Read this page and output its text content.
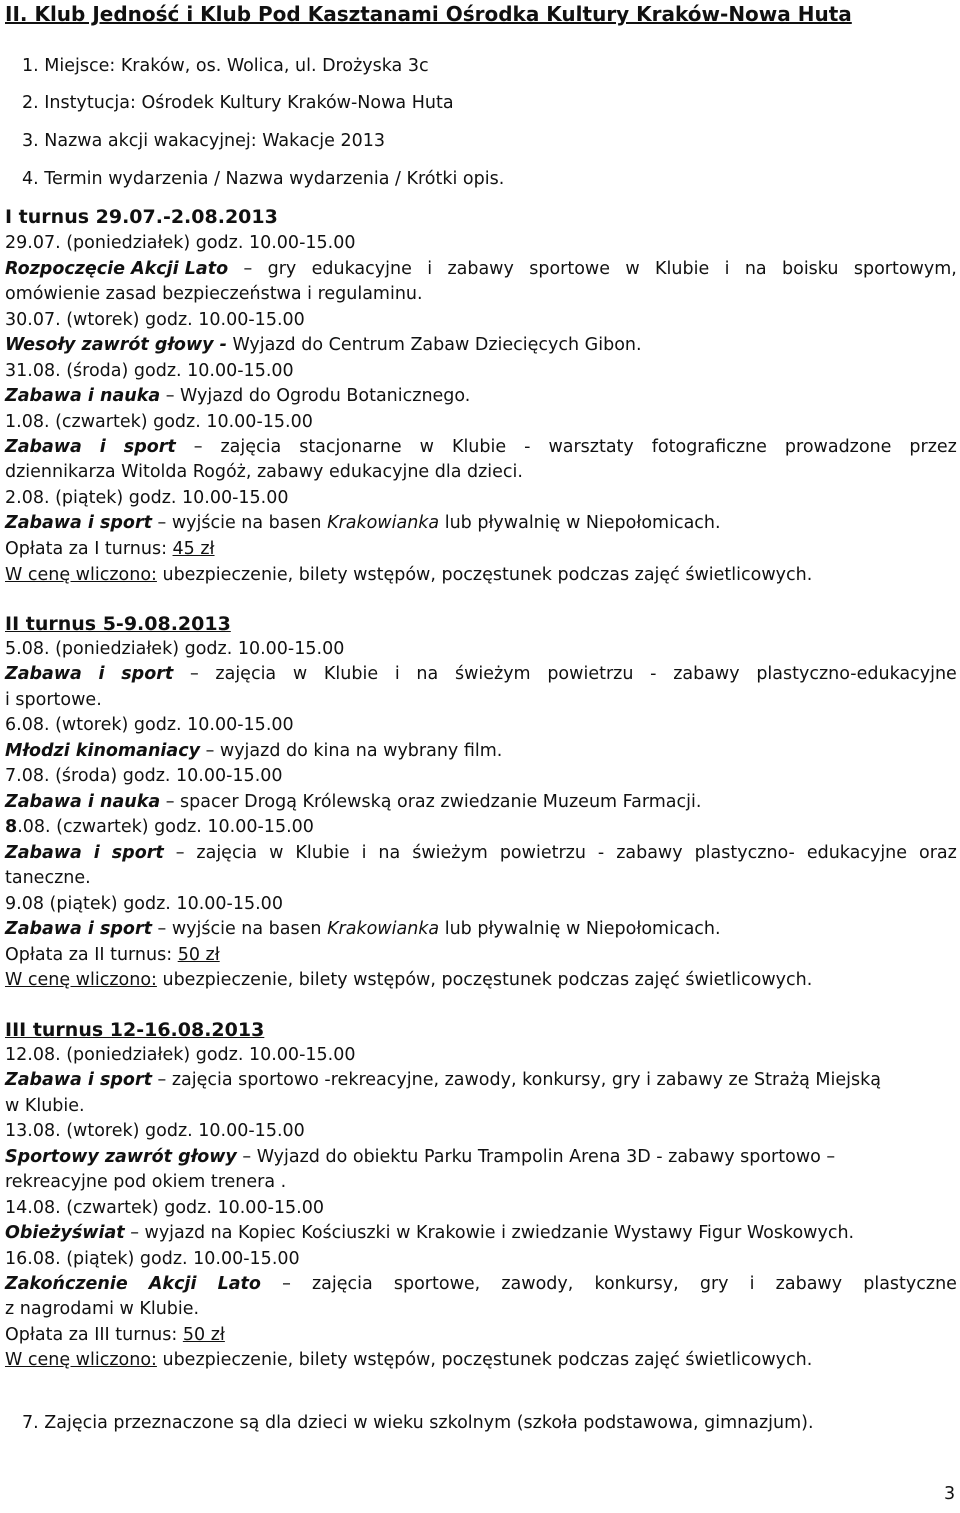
II. Klub Jedność i Klub Pod Kasztanami Ośrodka Kultury Kraków-Nowa Huta
1. Miejsce: Kraków, os. Wolica, ul. Drożyska 3c
2. Instytucja: Ośrodek Kultury Kraków-Nowa Huta
3. Nazwa akcji wakacyjnej: Wakacje 2013
4. Termin wydarzenia / Nazwa wydarzenia / Krótki opis.
I turnus 29.07.-2.08.2013
29.07. (poniedziałek) godz. 10.00-15.00
Rozpoczęcie Akcji Lato – gry edukacyjne i zabawy sportowe w Klubie i na boisku sportowym,
omówienie zasad bezpieczeństwa i regulaminu.
30.07. (wtorek) godz. 10.00-15.00
Wesoły zawrót głowy - Wyjazd do Centrum Zabaw Dziecięcych Gibon.
31.08. (środa) godz. 10.00-15.00
Zabawa i nauka – Wyjazd do Ogrodu Botanicznego.
1.08. (czwartek) godz. 10.00-15.00
Zabawa i sport – zajęcia stacjonarne w Klubie - warsztaty fotograficzne prowadzone przez
dziennikarza Witolda Rogóż, zabawy edukacyjne dla dzieci.
2.08. (piątek) godz. 10.00-15.00
Zabawa i sport – wyjście na basen Krakowianka lub pływalnię w Niepołomicach.
Opłata za I turnus: 45 zł
W cenę wliczono: ubezpieczenie, bilety wstępów, poczęstunek podczas zajęć świetlicowych.
II turnus 5-9.08.2013
5.08. (poniedziałek) godz. 10.00-15.00
Zabawa i sport – zajęcia w Klubie i na świeżym powietrzu - zabawy plastyczno-edukacyjne
i sportowe.
6.08. (wtorek) godz. 10.00-15.00
Młodzi kinomaniacy – wyjazd do kina na wybrany film.
7.08. (środa) godz. 10.00-15.00
Zabawa i nauka – spacer Drogą Królewską oraz zwiedzanie Muzeum Farmacji.
8.08. (czwartek) godz. 10.00-15.00
Zabawa i sport – zajęcia w Klubie i na świeżym powietrzu - zabawy plastyczno- edukacyjne oraz
taneczne.
9.08 (piątek) godz. 10.00-15.00
Zabawa i sport – wyjście na basen Krakowianka lub pływalnię w Niepołomicach.
Opłata za II turnus: 50 zł
W cenę wliczono: ubezpieczenie, bilety wstępów, poczęstunek podczas zajęć świetlicowych.
III turnus 12-16.08.2013
12.08. (poniedziałek) godz. 10.00-15.00
Zabawa i sport – zajęcia sportowo -rekreacyjne, zawody, konkursy, gry i zabawy ze Strażą Miejską
w Klubie.
13.08. (wtorek) godz. 10.00-15.00
Sportowy zawrót głowy – Wyjazd do obiektu Parku Trampolin Arena 3D - zabawy sportowo –
rekreacyjne pod okiem trenera .
14.08. (czwartek) godz. 10.00-15.00
Obieżyświat – wyjazd na Kopiec Kościuszki w Krakowie i zwiedzanie Wystawy Figur Woskowych.
16.08. (piątek) godz. 10.00-15.00
Zakończenie Akcji Lato – zajęcia sportowe, zawody, konkursy, gry i zabawy plastyczne
z nagrodami w Klubie.
Opłata za III turnus: 50 zł
W cenę wliczono: ubezpieczenie, bilety wstępów, poczęstunek podczas zajęć świetlicowych.
7. Zajęcia przeznaczone są dla dzieci w wieku szkolnym (szkoła podstawowa, gimnazjum).
3
